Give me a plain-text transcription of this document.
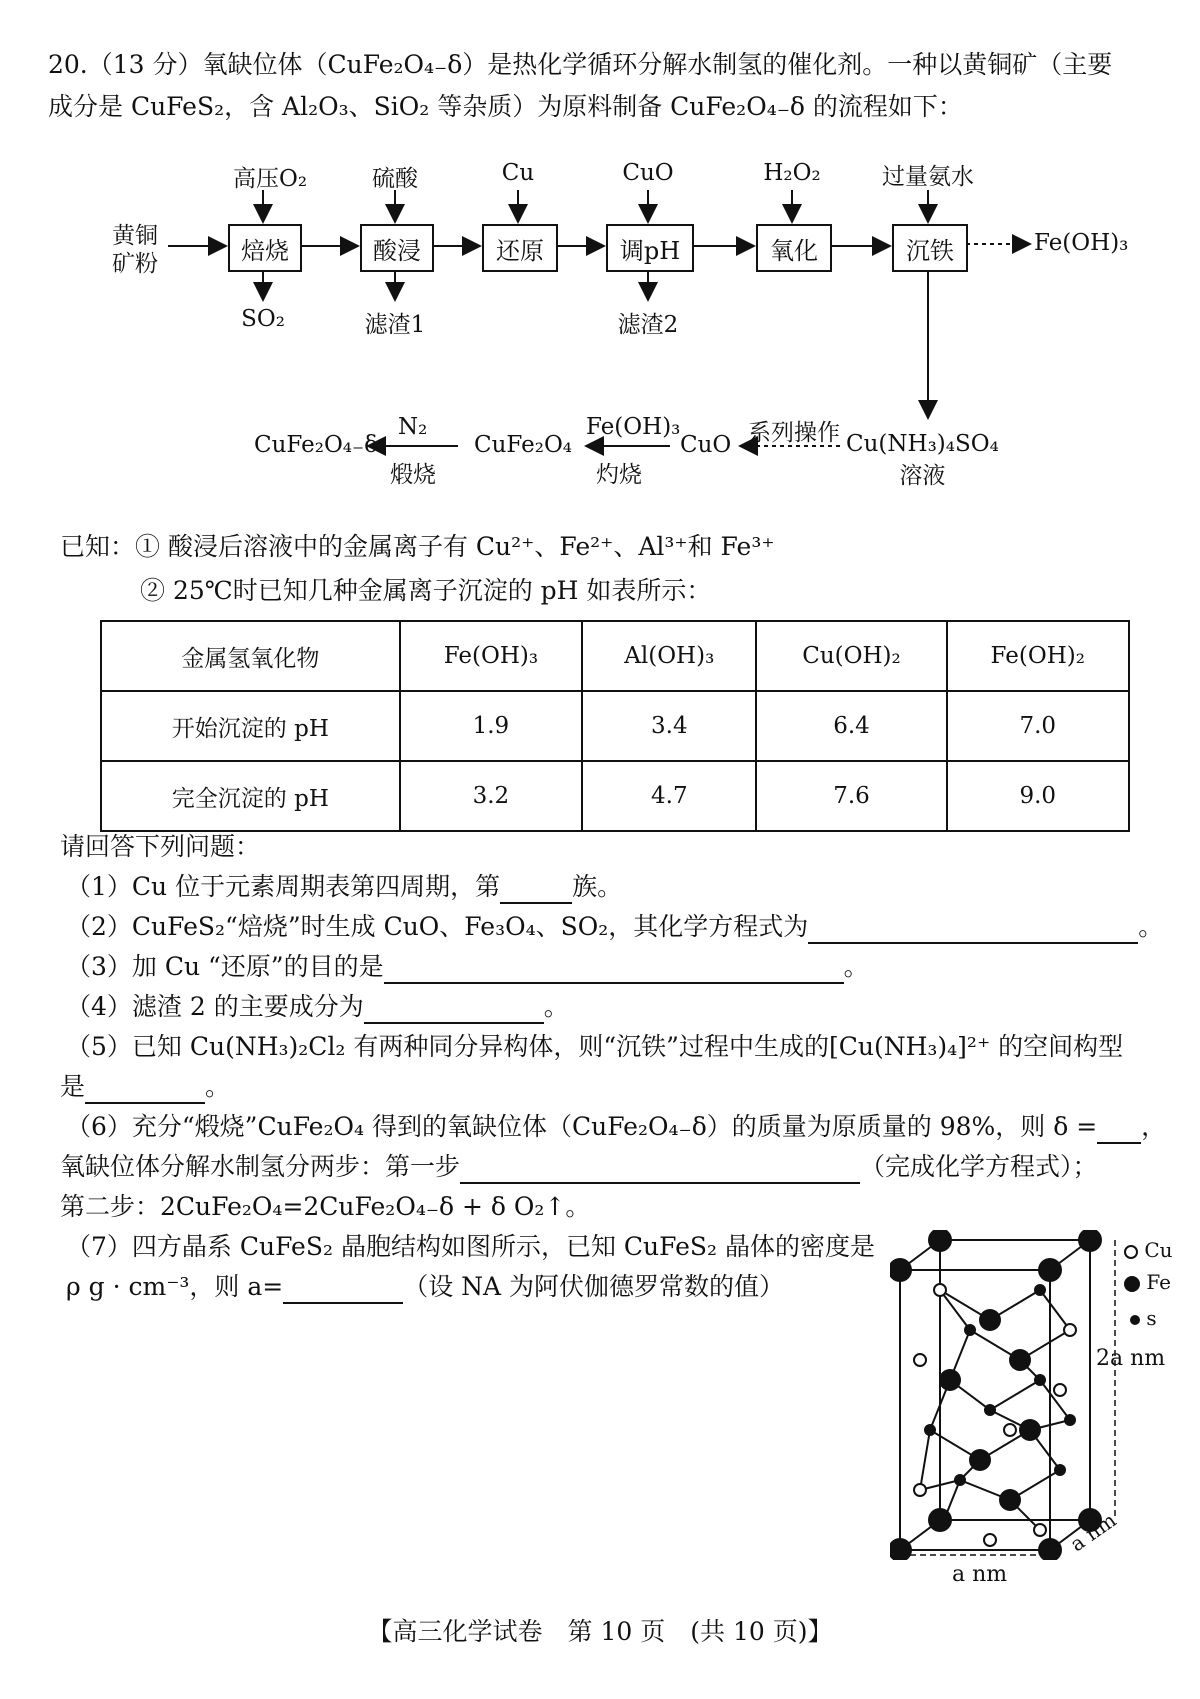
20.（13 分）氧缺位体（CuFe₂O₄₋δ）是热化学循环分解水制氢的催化剂。一种以黄铜矿（主要
成分是 CuFeS₂，含 Al₂O₃、SiO₂ 等杂质）为原料制备 CuFe₂O₄₋δ 的流程如下：
黄铜
矿粉	焙烧	酸浸	还原	调pH	氧化	沉铁
高压O₂	硫酸	Cu	CuO	H₂O₂	过量氨水
SO₂	滤渣1	滤渣2
Fe(OH)₃
Cu(NH₃)₄SO₄
溶液
系列操作
CuO
Fe(OH)₃
灼烧
CuFe₂O₄
N₂
煅烧
CuFe₂O₄₋δ
已知：① 酸浸后溶液中的金属离子有 Cu²⁺、Fe²⁺、Al³⁺和 Fe³⁺
② 25℃时已知几种金属离子沉淀的 pH 如表所示：
金属氢氧化物	Fe(OH)₃	Al(OH)₃	Cu(OH)₂	Fe(OH)₂
开始沉淀的 pH	1.9	3.4	6.4	7.0
完全沉淀的 pH	3.2	4.7	7.6	9.0
请回答下列问题：
（1）Cu 位于元素周期表第四周期，第	族。
（2）CuFeS₂“焙烧”时生成 CuO、Fe₃O₄、SO₂，其化学方程式为	。
（3）加 Cu “还原”的目的是	。
（4）滤渣 2 的主要成分为	。
（5）已知 Cu(NH₃)₂Cl₂ 有两种同分异构体，则“沉铁”过程中生成的[Cu(NH₃)₄]²⁺ 的空间构型
是	。
（6）充分“煅烧”CuFe₂O₄ 得到的氧缺位体（CuFe₂O₄₋δ）的质量为原质量的 98%，则 δ = ，
氧缺位体分解水制氢分两步：第一步	（完成化学方程式）；
第二步：2CuFe₂O₄=2CuFe₂O₄₋δ + δ O₂↑。
（7）四方晶系 CuFeS₂ 晶胞结构如图所示，已知 CuFeS₂ 晶体的密度是
ρ g · cm⁻³，则 a=	（设 NA 为阿伏伽德罗常数的值）
Cu
Fe
s
2a nm
a nm
a nm
【高三化学试卷　第 10 页　(共 10 页)】
